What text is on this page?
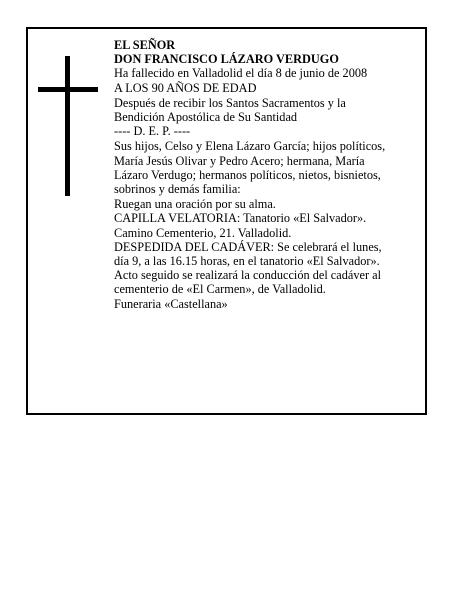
EL SEÑOR

DON FRANCISCO LÁZARO VERDUGO

Ha fallecido en Valladolid el día 8 de junio de 2008

A LOS 90 AÑOS DE EDAD

Después de recibir los Santos Sacramentos y la

Bendición Apostólica de Su Santidad

---- D. E. P. ----

Sus hijos, Celso y Elena Lázaro García; hijos políticos,

María Jesús Olivar y Pedro Acero; hermana, María

Lázaro Verdugo; hermanos políticos, nietos, bisnietos,

sobrinos y demás familia:

Ruegan una oración por su alma.

CAPILLA VELATORIA: Tanatorio «El Salvador».

Camino Cementerio, 21. Valladolid.

DESPEDIDA DEL CADÁVER: Se celebrará el lunes,

día 9, a las 16.15 horas, en el tanatorio «El Salvador».

Acto seguido se realizará la conducción del cadáver al

cementerio de «El Carmen», de Valladolid.

Funeraria «Castellana»
